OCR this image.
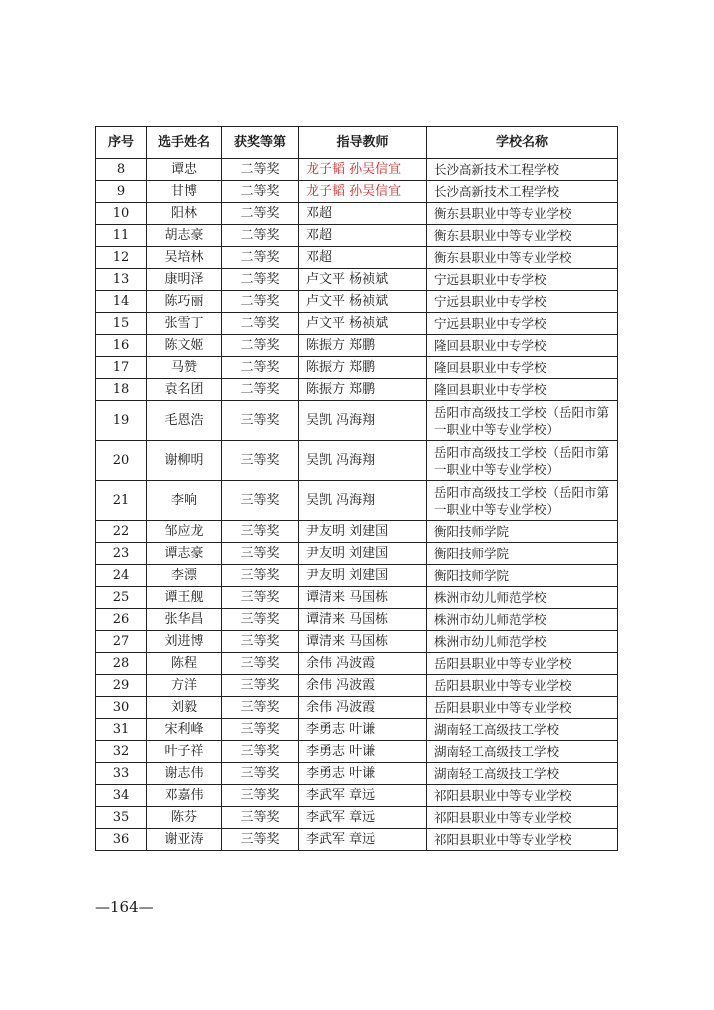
序号	选手姓名	获奖等第	指导教师	学校名称
8	谭忠	二等奖	龙子韬 孙吴信宜	长沙高新技术工程学校
9	甘博	二等奖	龙子韬 孙吴信宜	长沙高新技术工程学校
10	阳林	二等奖	邓超	衡东县职业中等专业学校
11	胡志豪	二等奖	邓超	衡东县职业中等专业学校
12	吴培林	二等奖	邓超	衡东县职业中等专业学校
13	康明泽	二等奖	卢文平 杨祯斌	宁远县职业中专学校
14	陈巧丽	二等奖	卢文平 杨祯斌	宁远县职业中专学校
15	张雪丁	二等奖	卢文平 杨祯斌	宁远县职业中专学校
16	陈文姬	二等奖	陈振方 郑鹏	隆回县职业中专学校
17	马赞	二等奖	陈振方 郑鹏	隆回县职业中专学校
18	袁名团	二等奖	陈振方 郑鹏	隆回县职业中专学校
19	毛恩浩	三等奖	吴凯 冯海翔	岳阳市高级技工学校（岳阳市第一职业中等专业学校）
20	谢柳明	三等奖	吴凯 冯海翔	岳阳市高级技工学校（岳阳市第一职业中等专业学校）
21	李响	三等奖	吴凯 冯海翔	岳阳市高级技工学校（岳阳市第一职业中等专业学校）
22	邹应龙	三等奖	尹友明 刘建国	衡阳技师学院
23	谭志豪	三等奖	尹友明 刘建国	衡阳技师学院
24	李漂	三等奖	尹友明 刘建国	衡阳技师学院
25	谭王舰	三等奖	谭清来 马国栋	株洲市幼儿师范学校
26	张华昌	三等奖	谭清来 马国栋	株洲市幼儿师范学校
27	刘进博	三等奖	谭清来 马国栋	株洲市幼儿师范学校
28	陈程	三等奖	余伟 冯波霞	岳阳县职业中等专业学校
29	方洋	三等奖	余伟 冯波霞	岳阳县职业中等专业学校
30	刘毅	三等奖	余伟 冯波霞	岳阳县职业中等专业学校
31	宋利峰	三等奖	李勇志 叶谦	湖南轻工高级技工学校
32	叶子祥	三等奖	李勇志 叶谦	湖南轻工高级技工学校
33	谢志伟	三等奖	李勇志 叶谦	湖南轻工高级技工学校
34	邓嘉伟	三等奖	李武军 章远	祁阳县职业中等专业学校
35	陈芬	三等奖	李武军 章远	祁阳县职业中等专业学校
36	谢亚涛	三等奖	李武军 章远	祁阳县职业中等专业学校
—164—
